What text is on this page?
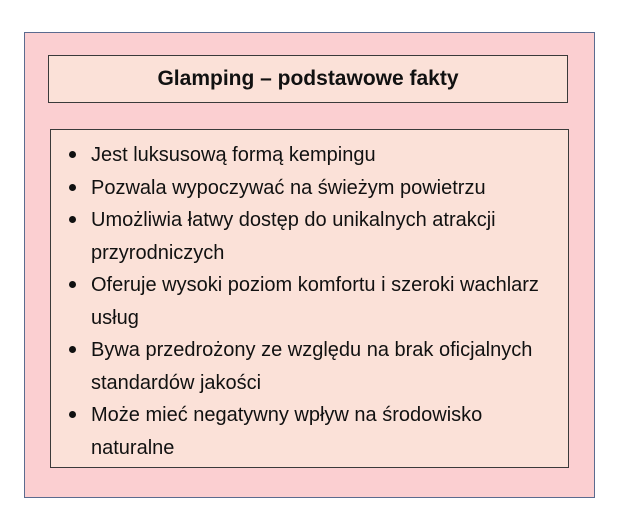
Glamping – podstawowe fakty
Jest luksusową formą kempingu
Pozwala wypoczywać na świeżym powietrzu
Umożliwia łatwy dostęp do unikalnych atrakcji przyrodniczych
Oferuje wysoki poziom komfortu i szeroki wachlarz usług
Bywa przedrożony ze względu na brak oficjalnych standardów jakości
Może mieć negatywny wpływ na środowisko naturalne
